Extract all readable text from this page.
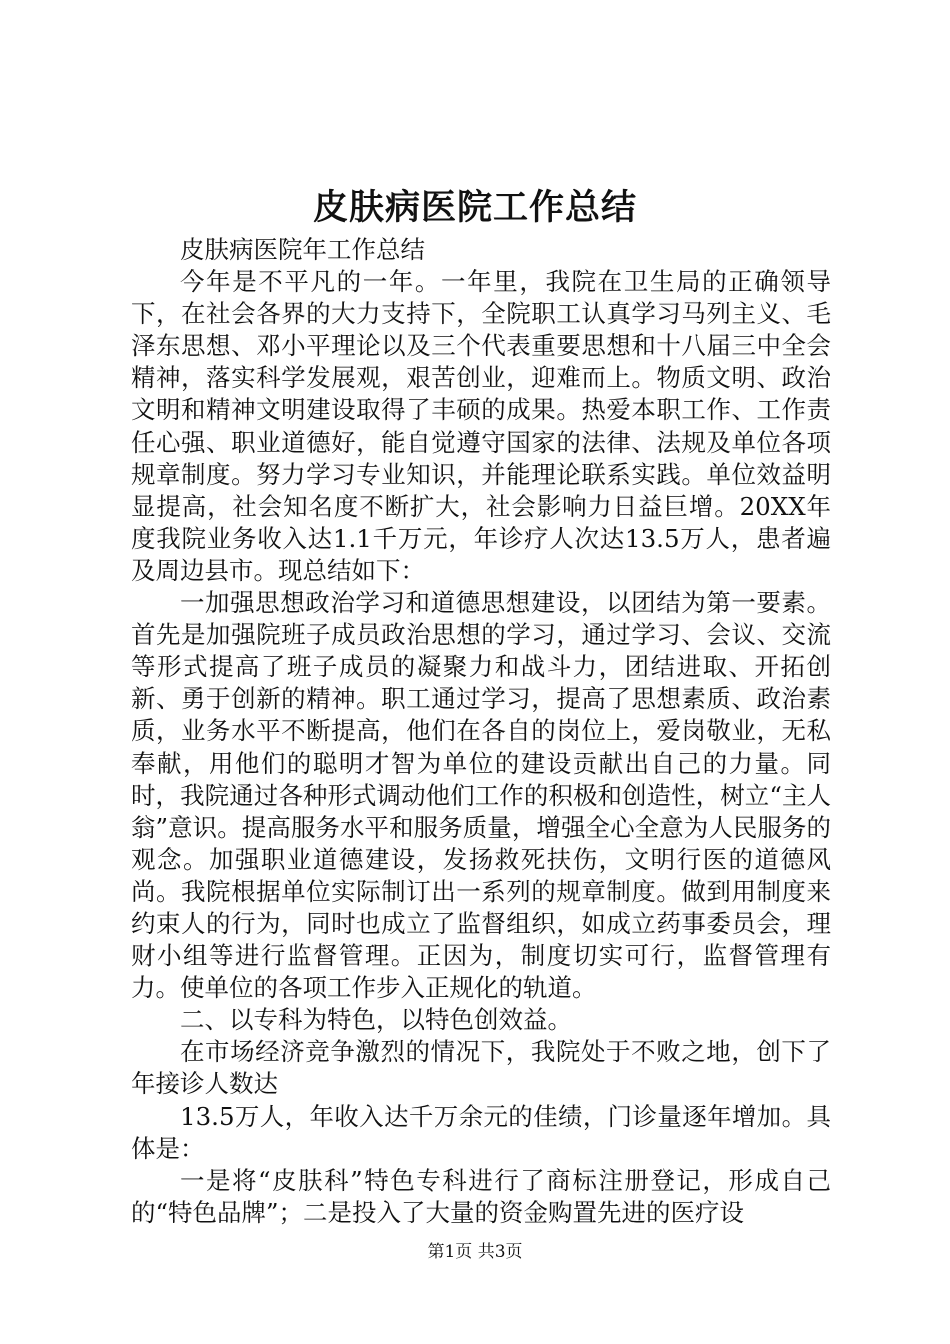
皮肤病医院工作总结

皮肤病医院年工作总结

今年是不平凡的一年。一年里，我院在卫生局的正确领导下，在社会各界的大力支持下，全院职工认真学习马列主义、毛泽东思想、邓小平理论以及三个代表重要思想和十八届三中全会精神，落实科学发展观，艰苦创业，迎难而上。物质文明、政治文明和精神文明建设取得了丰硕的成果。热爱本职工作、工作责任心强、职业道德好，能自觉遵守国家的法律、法规及单位各项规章制度。努力学习专业知识，并能理论联系实践。单位效益明显提高，社会知名度不断扩大，社会影响力日益巨增。20XX年度我院业务收入达1.1千万元，年诊疗人次达13.5万人，患者遍及周边县市。现总结如下：

一加强思想政治学习和道德思想建设，以团结为第一要素。首先是加强院班子成员政治思想的学习，通过学习、会议、交流等形式提高了班子成员的凝聚力和战斗力，团结进取、开拓创新、勇于创新的精神。职工通过学习，提高了思想素质、政治素质，业务水平不断提高，他们在各自的岗位上，爱岗敬业，无私奉献，用他们的聪明才智为单位的建设贡献出自己的力量。同时，我院通过各种形式调动他们工作的积极和创造性，树立“主人翁”意识。提高服务水平和服务质量，增强全心全意为人民服务的观念。加强职业道德建设，发扬救死扶伤，文明行医的道德风尚。我院根据单位实际制订出一系列的规章制度。做到用制度来约束人的行为，同时也成立了监督组织，如成立药事委员会，理财小组等进行监督管理。正因为，制度切实可行，监督管理有力。使单位的各项工作步入正规化的轨道。

二、以专科为特色，以特色创效益。

在市场经济竞争激烈的情况下，我院处于不败之地，创下了年接诊人数达

13.5万人，年收入达千万余元的佳绩，门诊量逐年增加。具体是：

一是将“皮肤科”特色专科进行了商标注册登记，形成自己的“特色品牌”；二是投入了大量的资金购置先进的医疗设

第1页 共3页
